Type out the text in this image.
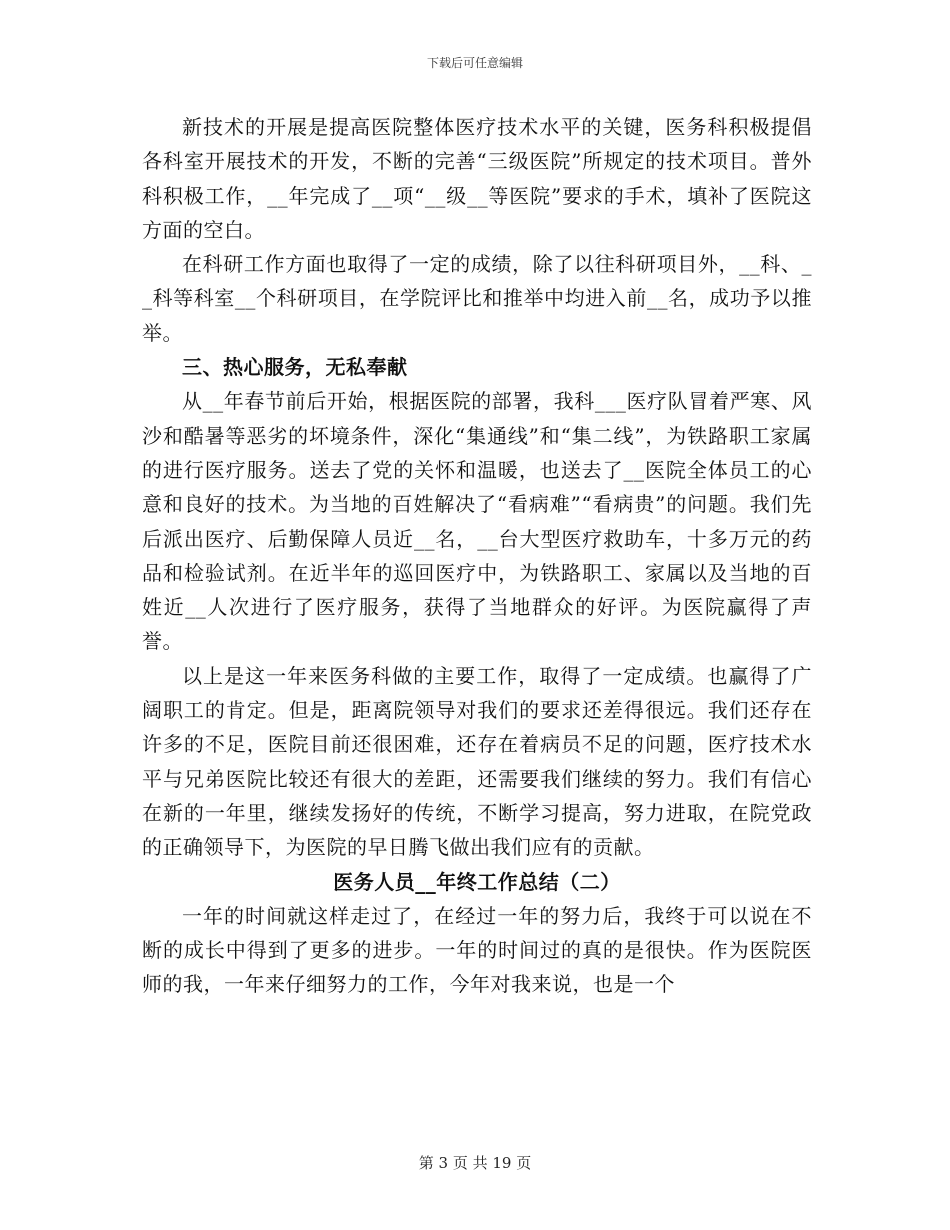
下载后可任意编辑

新技术的开展是提高医院整体医疗技术水平的关键，医务科积极提倡各科室开展技术的开发，不断的完善“三级医院”所规定的技术项目。普外科积极工作，__年完成了__项“__级__等医院”要求的手术，填补了医院这方面的空白。

在科研工作方面也取得了一定的成绩，除了以往科研项目外，__科、__科等科室__个科研项目，在学院评比和推举中均进入前__名，成功予以推举。

三、热心服务，无私奉献

从__年春节前后开始，根据医院的部署，我科___医疗队冒着严寒、风沙和酷暑等恶劣的坏境条件，深化“集通线”和“集二线”，为铁路职工家属的进行医疗服务。送去了党的关怀和温暖，也送去了__医院全体员工的心意和良好的技术。为当地的百姓解决了“看病难”“看病贵”的问题。我们先后派出医疗、后勤保障人员近__名，__台大型医疗救助车，十多万元的药品和检验试剂。在近半年的巡回医疗中，为铁路职工、家属以及当地的百姓近__人次进行了医疗服务，获得了当地群众的好评。为医院赢得了声誉。

以上是这一年来医务科做的主要工作，取得了一定成绩。也赢得了广阔职工的肯定。但是，距离院领导对我们的要求还差得很远。我们还存在许多的不足，医院目前还很困难，还存在着病员不足的问题，医疗技术水平与兄弟医院比较还有很大的差距，还需要我们继续的努力。我们有信心在新的一年里，继续发扬好的传统，不断学习提高，努力进取，在院党政的正确领导下，为医院的早日腾飞做出我们应有的贡献。

医务人员__年终工作总结（二）

一年的时间就这样走过了，在经过一年的努力后，我终于可以说在不断的成长中得到了更多的进步。一年的时间过的真的是很快。作为医院医师的我，一年来仔细努力的工作，今年对我来说，也是一个

第 3 页 共 19 页
